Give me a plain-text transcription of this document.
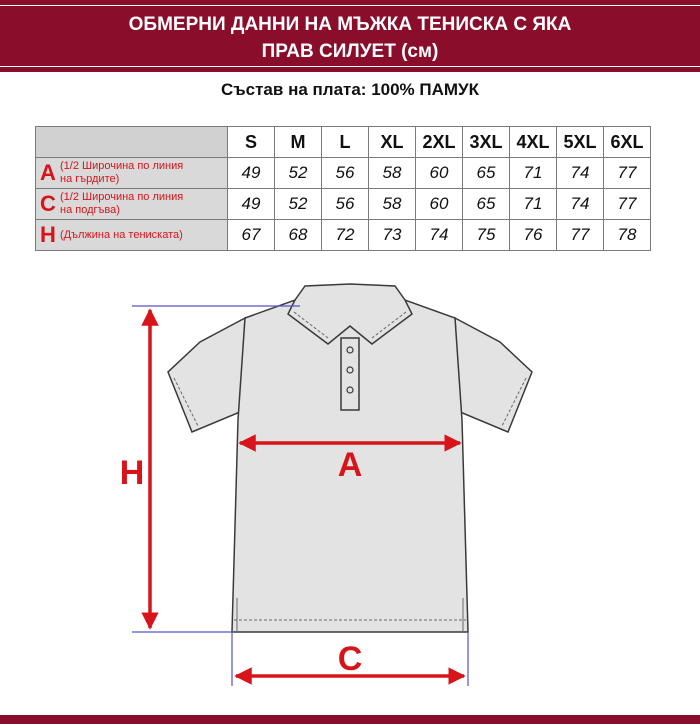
ОБМЕРНИ ДАННИ НА МЪЖКА ТЕНИСКА С ЯКА
ПРАВ СИЛУЕТ (см)
Състав на плата: 100% ПАМУК
	S	M	L	XL	2XL	3XL	4XL	5XL	6XL

A (1/2 Широчина по линия
на гърдите)	49	52	56	58	60	65	71	74	77

C (1/2 Широчина по линия
на подгъва)	49	52	56	58	60	65	71	74	77

H (Дължина на тениската)	67	68	72	73	74	75	76	77	78
H	A
C
